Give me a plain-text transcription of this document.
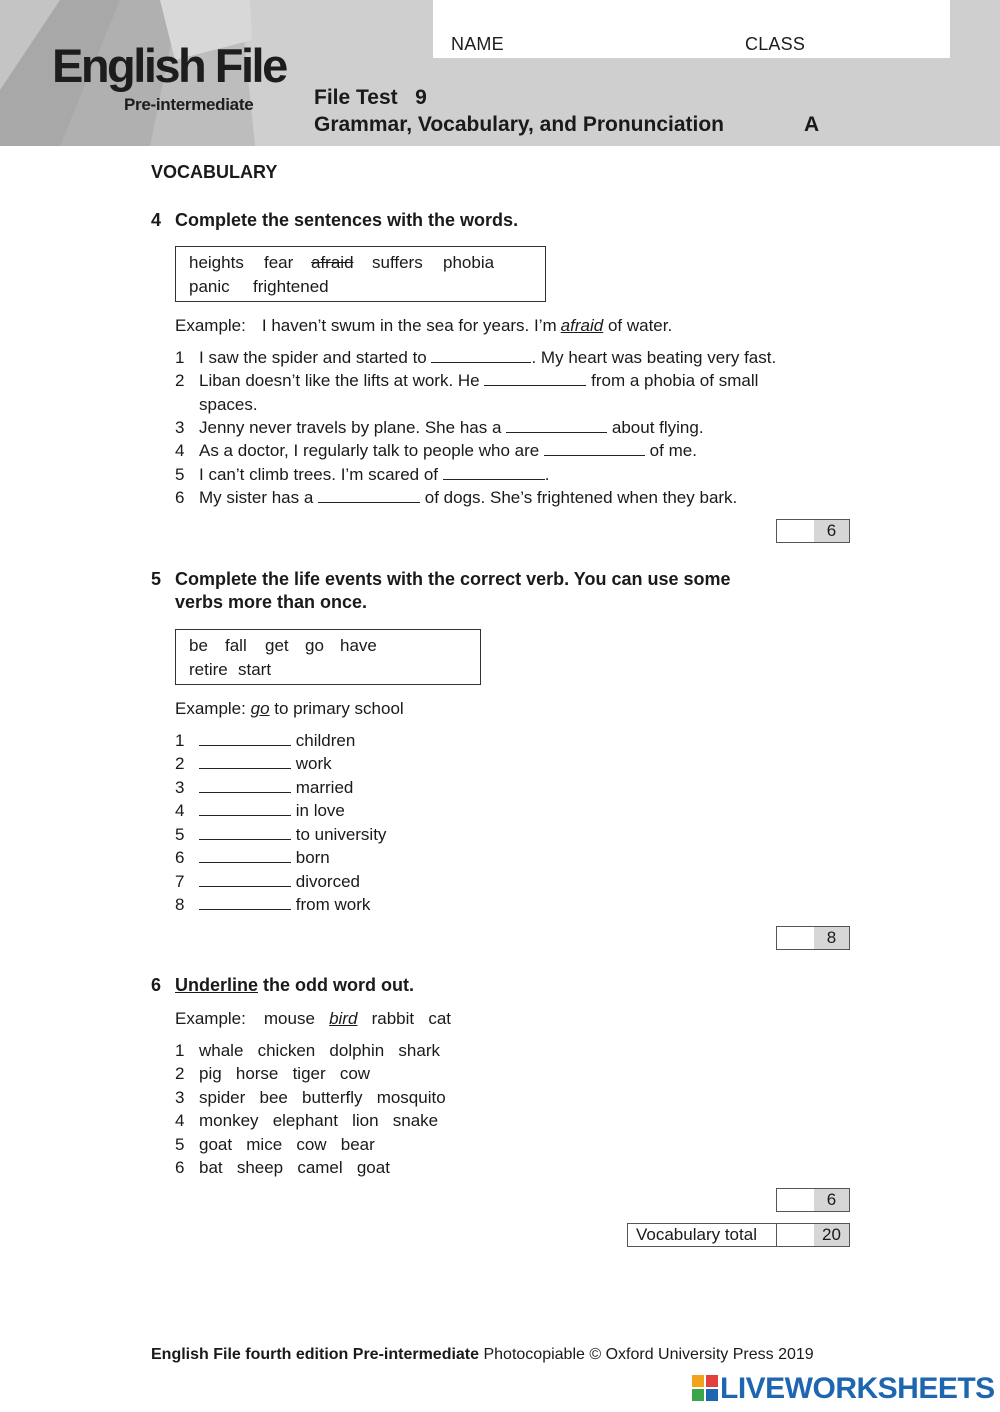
English File
Pre-intermediate
NAME	CLASS
File Test   9
Grammar, Vocabulary, and Pronunciation	A
VOCABULARY
4 Complete the sentences with the words.
heights fear afraid suffers phobia
panic frightened
Example: I haven’t swum in the sea for years. I’m afraid of water.
1 I saw the spider and started to	. My heart was beating very fast.
2 Liban doesn’t like the lifts at work. He	from a phobia of small
spaces.
3 Jenny never travels by plane. She has a	about flying.
4 As a doctor, I regularly talk to people who are	of me.
5 I can’t climb trees. I’m scared of	.
6 My sister has a	of dogs. She’s frightened when they bark.
6
5 Complete the life events with the correct verb. You can use some
verbs more than once.
be fall get go have
retire start
Example: go to primary school
1	children
2	work
3	married
4	in love
5	to university
6	born
7	divorced
8	from work
8
6 Underline the odd word out.
Example: mouse bird rabbit cat
1 whale chicken dolphin shark
2 pig horse tiger cow
3 spider bee butterfly mosquito
4 monkey elephant lion snake
5 goat mice cow bear
6 bat sheep camel goat
6
Vocabulary total	20
English File fourth edition Pre-intermediate Photocopiable © Oxford University Press 2019
LIVEWORKSHEETS
